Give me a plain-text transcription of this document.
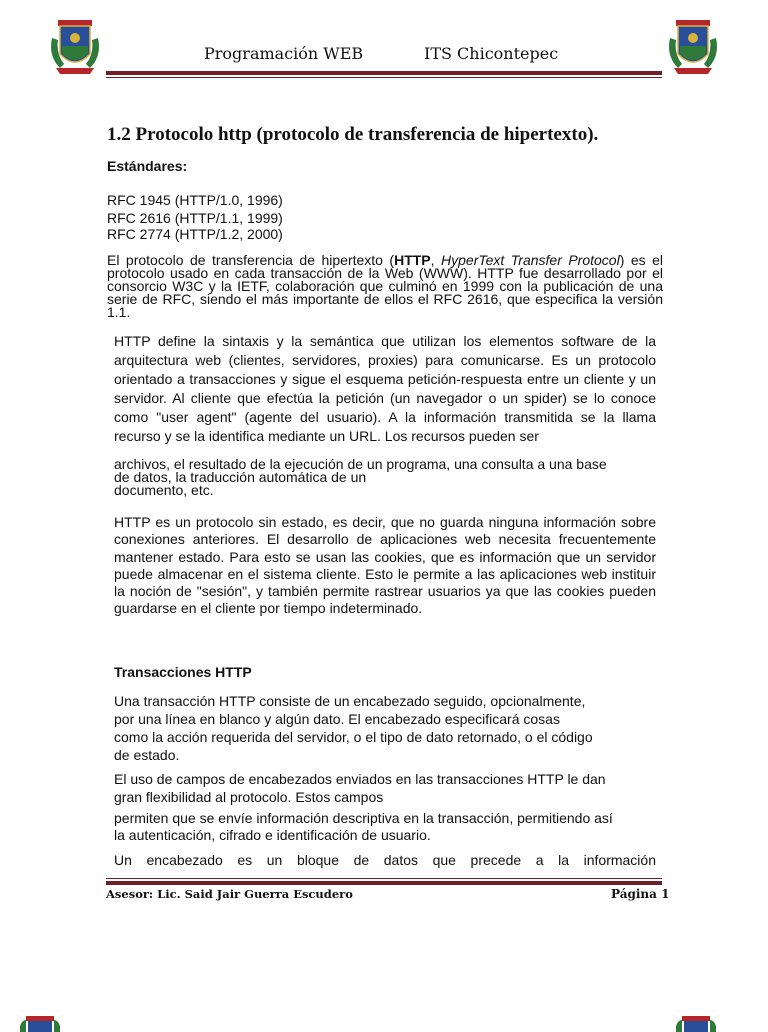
Programación WEB	ITS Chicontepec
1.2 Protocolo http (protocolo de transferencia de hipertexto).
Estándares:
RFC 1945 (HTTP/1.0, 1996)
RFC 2616 (HTTP/1.1, 1999)
RFC 2774 (HTTP/1.2, 2000)

El protocolo de transferencia de hipertexto (HTTP, HyperText Transfer Protocol) es el protocolo usado en cada transacción de la Web (WWW). HTTP fue desarrollado por el consorcio W3C y la IETF, colaboración que culminó en 1999 con la publicación de una serie de RFC, siendo el más importante de ellos el RFC 2616, que especifica la versión 1.1.

HTTP define la sintaxis y la semántica que utilizan los elementos software de la arquitectura web (clientes, servidores, proxies) para comunicarse. Es un protocolo orientado a transacciones y sigue el esquema petición-respuesta entre un cliente y un servidor. Al cliente que efectúa la petición (un navegador o un spider) se lo conoce como "user agent" (agente del usuario). A la información transmitida se la llama recurso y se la identifica mediante un URL. Los recursos pueden ser

archivos, el resultado de la ejecución de un programa, una consulta a una base
de datos, la traducción automática de un
documento, etc.

HTTP es un protocolo sin estado, es decir, que no guarda ninguna información sobre conexiones anteriores. El desarrollo de aplicaciones web necesita frecuentemente mantener estado. Para esto se usan las cookies, que es información que un servidor puede almacenar en el sistema cliente. Esto le permite a las aplicaciones web instituir la noción de "sesión", y también permite rastrear usuarios ya que las cookies pueden guardarse en el cliente por tiempo indeterminado.

Transacciones HTTP

Una transacción HTTP consiste de un encabezado seguido, opcionalmente,
por una línea en blanco y algún dato. El encabezado especificará cosas
como la acción requerida del servidor, o el tipo de dato retornado, o el código
de estado.

El uso de campos de encabezados enviados en las transacciones HTTP le dan
gran flexibilidad al protocolo. Estos campos

permiten que se envíe información descriptiva en la transacción, permitiendo así
la autenticación, cifrado e identificación de usuario.

Un encabezado es un bloque de datos que precede a la información

Asesor: Lic. Said Jair Guerra Escudero	Página 1
